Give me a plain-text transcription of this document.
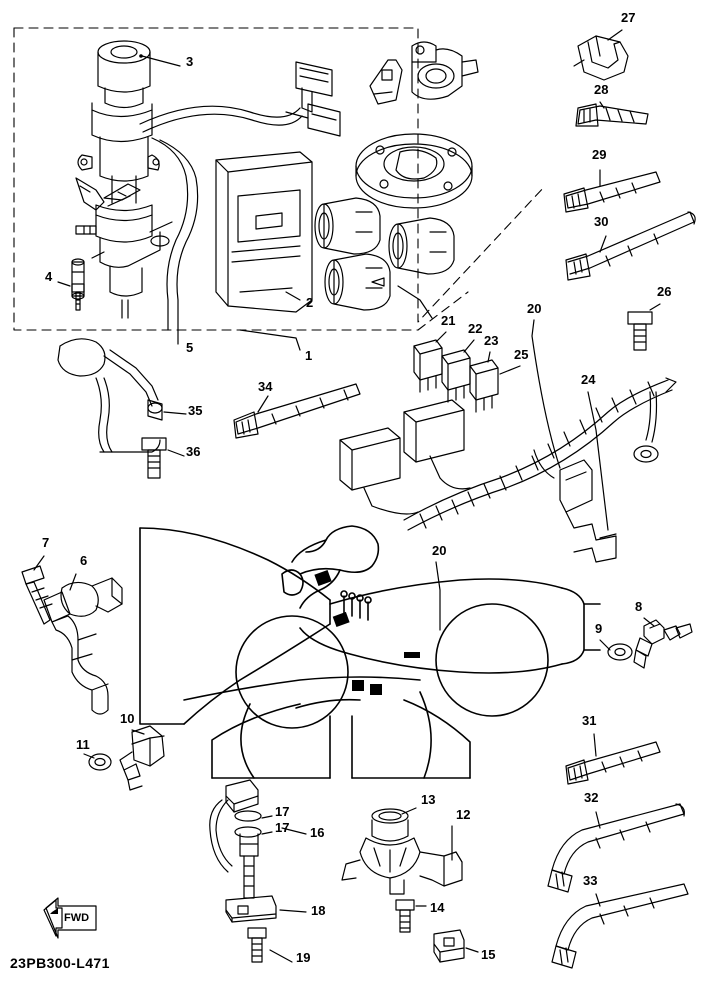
1
2
3
4
5
6
7
8
9
10
11
12
13
14
15
16
17
17
18
19
20
20
21
22
23
24
25
26
27
28
29
30
31
32
33
34
35
36
FWD
23PB300-L471
